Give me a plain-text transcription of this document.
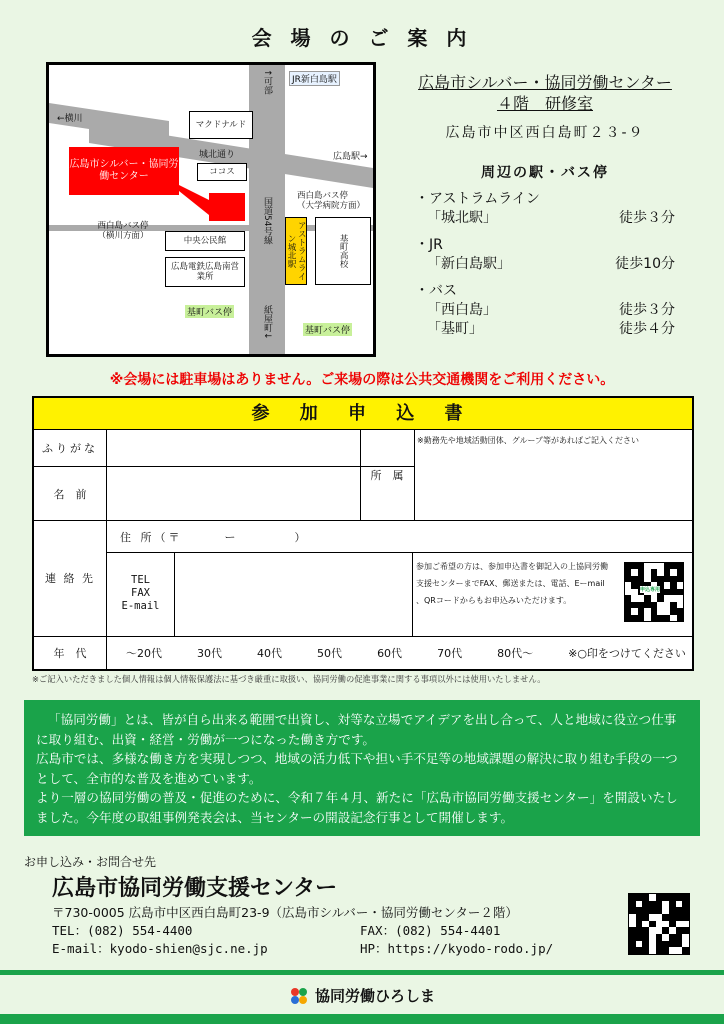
会 場 の ご 案 内
↑可部	JR新白島駅
←横川
マクドナルド
城北通り
ココス
広島駅→
広島市シルバー・協同労働センター
国道54号線
西白島バス停
（大学病院方面）
西白島バス停
（横川方面）	アストラムライン城北駅	基町高校
中央公民館
広島電鉄広島南営業所
基町バス停	紙屋町↓	基町バス停
広島市シルバー・協同労働センター
４階　研修室
広島市中区西白島町２３-９
周辺の駅・バス停
・アストラムライン
「城北駅」	徒歩３分
・JR
「新白島駅」	徒歩10分
・バス
「西白島」	徒歩３分
「基町」	徒歩４分
※会場には駐車場はありません。ご来場の際は公共交通機関をご利用ください。
参 加 申 込 書
ふりがな
名　前
所　属
※勤務先や地域活動団体、グループ等があればご記入ください
連 絡 先
住 所（〒　　　ー　　　　）
TEL
FAX
E-mail
参加ご希望の方は、参加申込書を御記入の上協同労働支援センターまでFAX、郵送または、電話、Eーmail 、QRコードからもお申込みいただけます。
申込専用
年　代	〜20代	30代	40代	50代	60代	70代	80代〜	※○印をつけてください
※ご記入いただきました個人情報は個人情報保護法に基づき厳重に取扱い、協同労働の促進事業に関する事項以外には使用いたしません。

「協同労働」とは、皆が自ら出来る範囲で出資し、対等な立場でアイデアを出し合って、人と地域に役立つ仕事に取り組む、出資・経営・労働が一つになった働き方です。

広島市では、多様な働き方を実現しつつ、地域の活力低下や担い手不足等の地域課題の解決に取り組む手段の一つとして、全市的な普及を進めています。

より一層の協同労働の普及・促進のために、令和７年４月、新たに「広島市協同労働支援センター」を開設いたしました。今年度の取組事例発表会は、当センターの開設記念行事として開催します。

お申し込み・お問合せ先
広島市協同労働支援センター
〒730-0005 広島市中区西白島町23-9（広島市シルバー・協同労働センター２階）
TEL：(082) 554-4400	FAX：(082) 554-4401
E-mail：kyodo-shien@sjc.ne.jp	HP：https://kyodo-rodo.jp/
協同労働ひろしま
